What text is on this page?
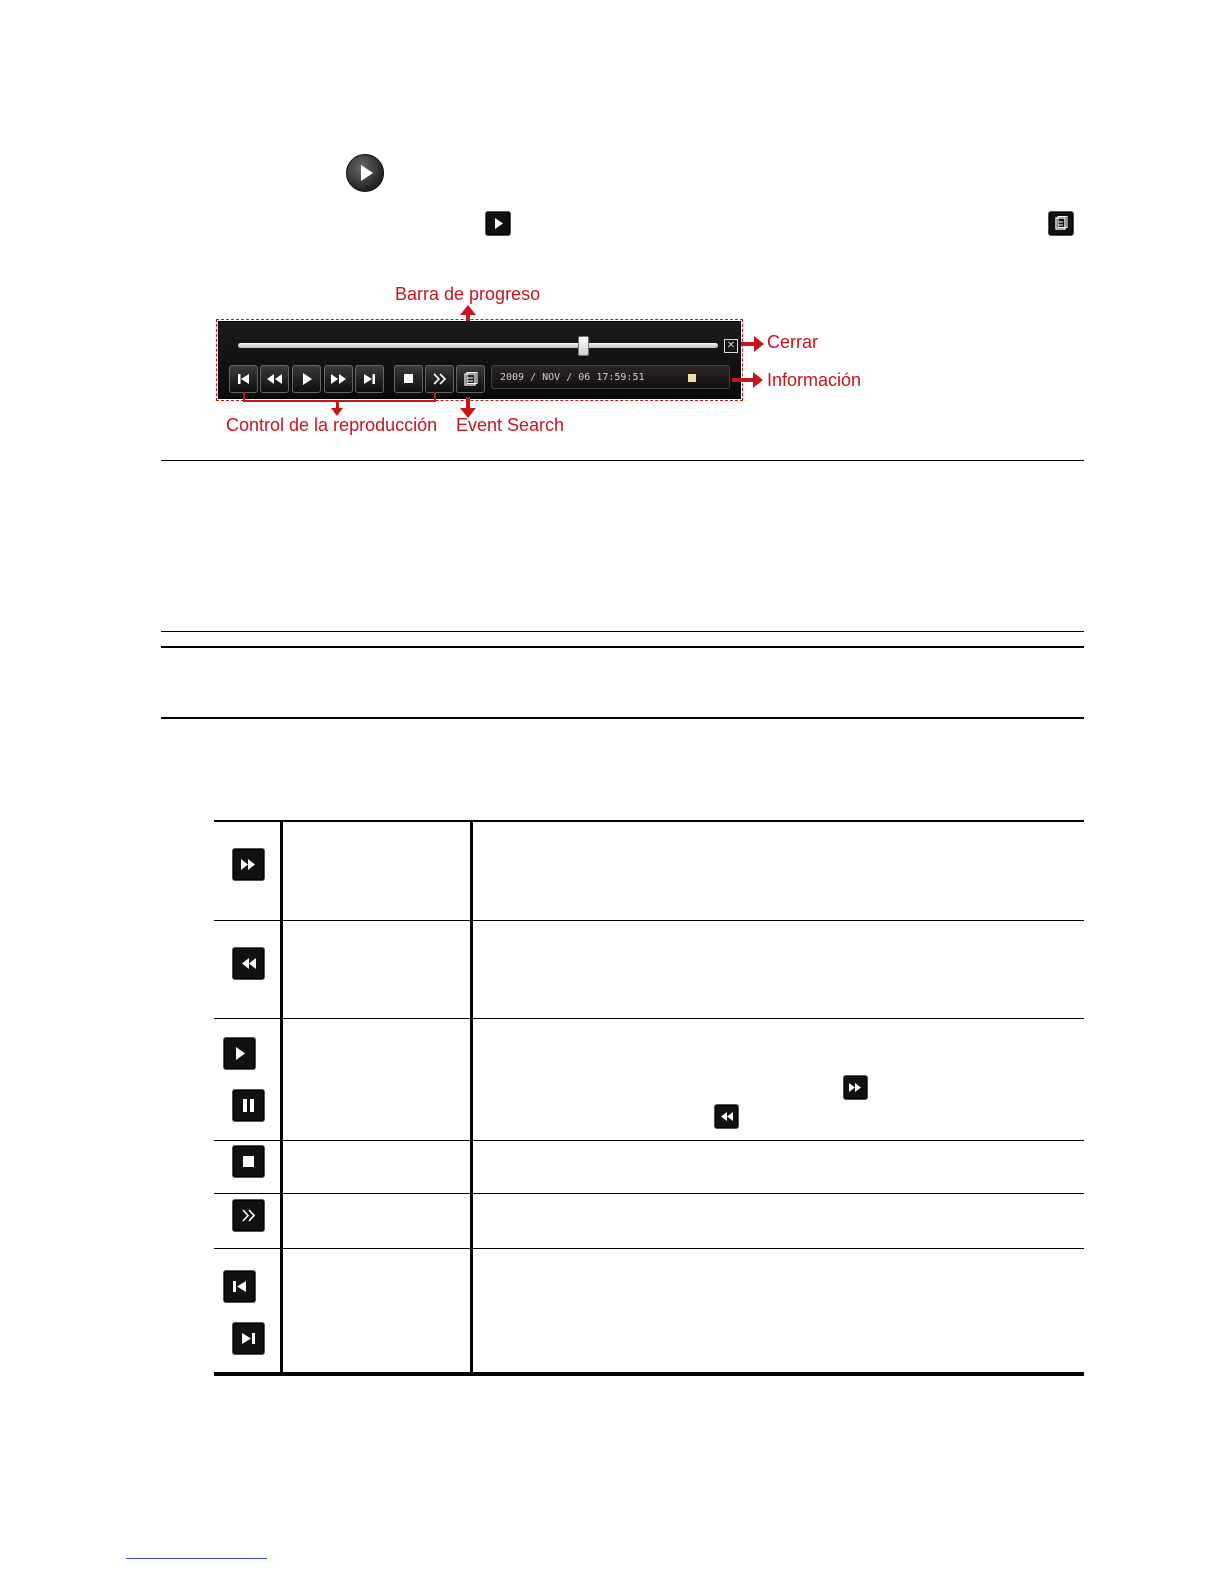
Barra de progreso
✕
2009 / NOV / 06 17:59:51
Cerrar
Información
Control de la reproducción Event Search
